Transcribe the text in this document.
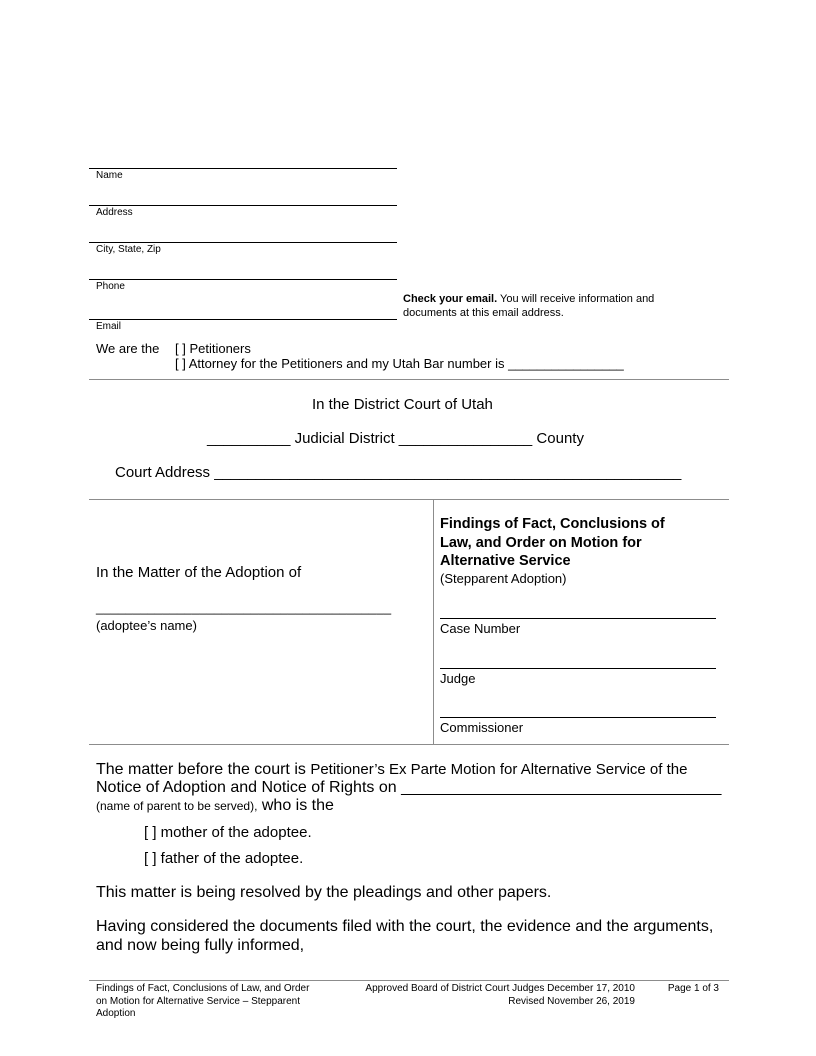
Name
Address
City, State, Zip
Phone
Check your email. You will receive information and
documents at this email address.
Email
We are the [ ] Petitioners
[ ] Attorney for the Petitioners and my Utah Bar number is ________________
In the District Court of Utah
__________ Judicial District ________________ County
Court Address ________________________________________________________
In the Matter of the Adoption of
________________________________________
(adoptee’s name)
Findings of Fact, Conclusions of
Law, and Order on Motion for
Alternative Service
(Stepparent Adoption)
Case Number
Judge
Commissioner
The matter before the court is Petitioner’s Ex Parte Motion for Alternative Service of the
Notice of Adoption and Notice of Rights on ____________________________________
(name of parent to be served), who is the
[ ] mother of the adoptee.
[ ] father of the adoptee.
This matter is being resolved by the pleadings and other papers.
Having considered the documents filed with the court, the evidence and the arguments,
and now being fully informed,
Findings of Fact, Conclusions of Law, and Order
on Motion for Alternative Service – Stepparent
Adoption
Approved Board of District Court Judges December 17, 2010
Revised November 26, 2019
Page 1 of 3
